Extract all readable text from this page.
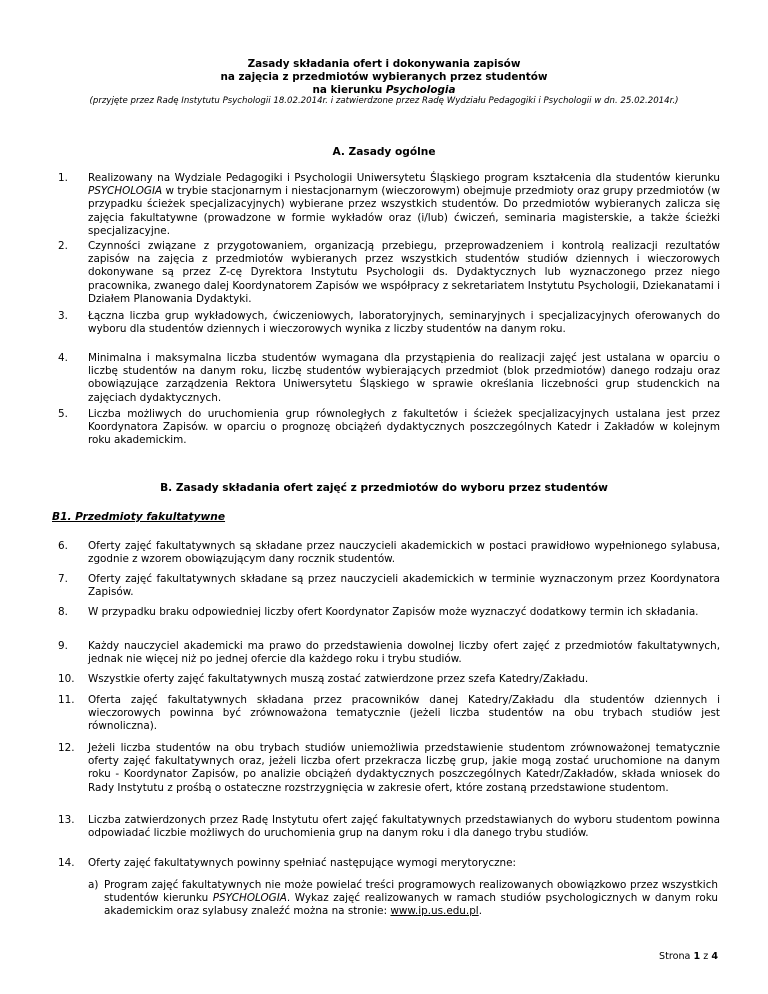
Zasady składania ofert i dokonywania zapisów
na zajęcia z przedmiotów wybieranych przez studentów
na kierunku Psychologia
(przyjęte przez Radę Instytutu Psychologii 18.02.2014r. i zatwierdzone przez Radę Wydziału Pedagogiki i Psychologii w dn. 25.02.2014r.)
A. Zasady ogólne
1.	Realizowany na Wydziale Pedagogiki i Psychologii Uniwersytetu Śląskiego program kształcenia dla studentów kierunku PSYCHOLOGIA w trybie stacjonarnym i niestacjonarnym (wieczorowym) obejmuje przedmioty oraz grupy przedmiotów (w przypadku ścieżek specjalizacyjnych) wybierane przez wszystkich studentów. Do przedmiotów wybieranych zalicza się zajęcia fakultatywne (prowadzone w formie wykładów oraz (i/lub) ćwiczeń, seminaria magisterskie, a także ścieżki specjalizacyjne.
2.	Czynności związane z przygotowaniem, organizacją przebiegu, przeprowadzeniem i kontrolą realizacji rezultatów zapisów na zajęcia z przedmiotów wybieranych przez wszystkich studentów studiów dziennych i wieczorowych dokonywane są przez Z-cę Dyrektora Instytutu Psychologii ds. Dydaktycznych lub wyznaczonego przez niego pracownika, zwanego dalej Koordynatorem Zapisów we współpracy z sekretariatem Instytutu Psychologii, Dziekanatami i Działem Planowania Dydaktyki.
3.	Łączna liczba grup wykładowych, ćwiczeniowych, laboratoryjnych, seminaryjnych i specjalizacyjnych oferowanych do wyboru dla studentów dziennych i wieczorowych wynika z liczby studentów na danym roku.
4.	Minimalna i maksymalna liczba studentów wymagana dla przystąpienia do realizacji zajęć jest ustalana w oparciu o liczbę studentów na danym roku, liczbę studentów wybierających przedmiot (blok przedmiotów) danego rodzaju oraz obowiązujące zarządzenia Rektora Uniwersytetu Śląskiego w sprawie określania liczebności grup studenckich na zajęciach dydaktycznych.
5.	Liczba możliwych do uruchomienia grup równoległych z fakultetów i ścieżek specjalizacyjnych ustalana jest przez Koordynatora Zapisów. w oparciu o prognozę obciążeń dydaktycznych poszczególnych Katedr i Zakładów w kolejnym roku akademickim.
B. Zasady składania ofert zajęć z przedmiotów do wyboru przez studentów
B1. Przedmioty fakultatywne
6.	Oferty zajęć fakultatywnych są składane przez nauczycieli akademickich w postaci prawidłowo wypełnionego sylabusa, zgodnie z wzorem obowiązującym dany rocznik studentów.
7.	Oferty zajęć fakultatywnych składane są przez nauczycieli akademickich w terminie wyznaczonym przez Koordynatora Zapisów.
8.	W przypadku braku odpowiedniej liczby ofert Koordynator Zapisów może wyznaczyć dodatkowy termin ich składania.
9.	Każdy nauczyciel akademicki ma prawo do przedstawienia dowolnej liczby ofert zajęć z przedmiotów fakultatywnych, jednak nie więcej niż po jednej ofercie dla każdego roku i trybu studiów.
10.	Wszystkie oferty zajęć fakultatywnych muszą zostać zatwierdzone przez szefa Katedry/Zakładu.
11.	Oferta zajęć fakultatywnych składana przez pracowników danej Katedry/Zakładu dla studentów dziennych i wieczorowych powinna być zrównoważona tematycznie (jeżeli liczba studentów na obu trybach studiów jest równoliczna).
12.	Jeżeli liczba studentów na obu trybach studiów uniemożliwia przedstawienie studentom zrównoważonej tematycznie oferty zajęć fakultatywnych oraz, jeżeli liczba ofert przekracza liczbę grup, jakie mogą zostać uruchomione na danym roku - Koordynator Zapisów, po analizie obciążeń dydaktycznych poszczególnych Katedr/Zakładów, składa wniosek do Rady Instytutu z prośbą o ostateczne rozstrzygnięcia w zakresie ofert, które zostaną przedstawione studentom.
13.	Liczba zatwierdzonych przez Radę Instytutu ofert zajęć fakultatywnych przedstawianych do wyboru studentom powinna odpowiadać liczbie możliwych do uruchomienia grup na danym roku i dla danego trybu studiów.
14.	Oferty zajęć fakultatywnych powinny spełniać następujące wymogi merytoryczne:
a) Program zajęć fakultatywnych nie może powielać treści programowych realizowanych obowiązkowo przez wszystkich studentów kierunku PSYCHOLOGIA. Wykaz zajęć realizowanych w ramach studiów psychologicznych w danym roku akademickim oraz sylabusy znaleźć można na stronie: www.ip.us.edu.pl.
Strona 1 z 4
